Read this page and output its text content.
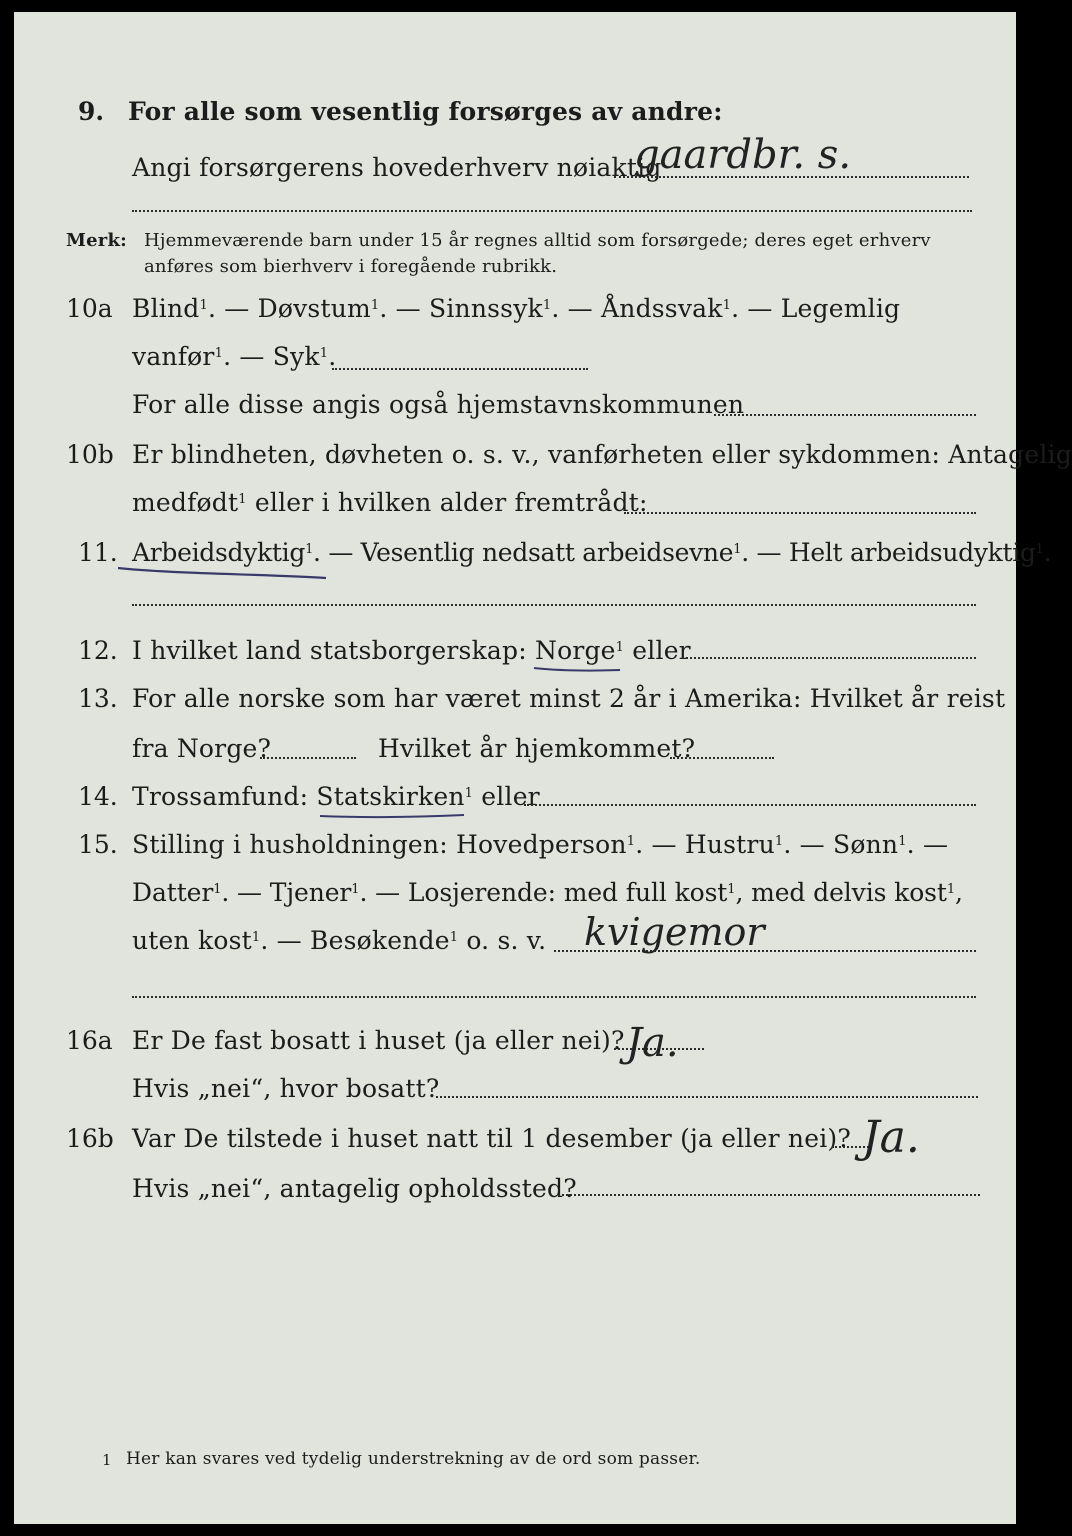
9. For alle som vesentlig forsørges av andre:
Angi forsørgerens hovederhverv nøiaktig
gaardbr. s.
Merk: Hjemmeværende barn under 15 år regnes alltid som forsørgede; deres eget erhverv
anføres som bierhverv i foregående rubrikk.
10a Blind$^1$. — Døvstum$^1$. — Sinnssyk$^1$. — Åndssvak$^1$. — Legemlig
vanfør$^1$. — Syk$^1$.
For alle disse angis også hjemstavnskommunen
10b Er blindheten, døvheten o. s. v., vanførheten eller sykdommen: Antagelig
medfødt$^1$ eller i hvilken alder fremtrådt:
11. Arbeidsdyktig$^1$. — Vesentlig nedsatt arbeidsevne$^1$. — Helt arbeidsudyktig$^1$.
12. I hvilket land statsborgerskap: Norge$^1$ eller
13. For alle norske som har været minst 2 år i Amerika: Hvilket år reist
fra Norge?	Hvilket år hjemkommet?
14. Trossamfund: Statskirken$^1$ eller
15. Stilling i husholdningen: Hovedperson$^1$. — Hustru$^1$. — Sønn$^1$. —
Datter$^1$. — Tjener$^1$. — Losjerende: med full kost$^1$, med delvis kost$^1$,
uten kost$^1$. — Besøkende$^1$ o. s. v. kvigemor
16a Er De fast bosatt i huset (ja eller nei)? Ja.
Hvis „nei“, hvor bosatt?
16b Var De tilstede i huset natt til 1 desember (ja eller nei)? Ja.
Hvis „nei“, antagelig opholdssted?
1 Her kan svares ved tydelig understrekning av de ord som passer.
